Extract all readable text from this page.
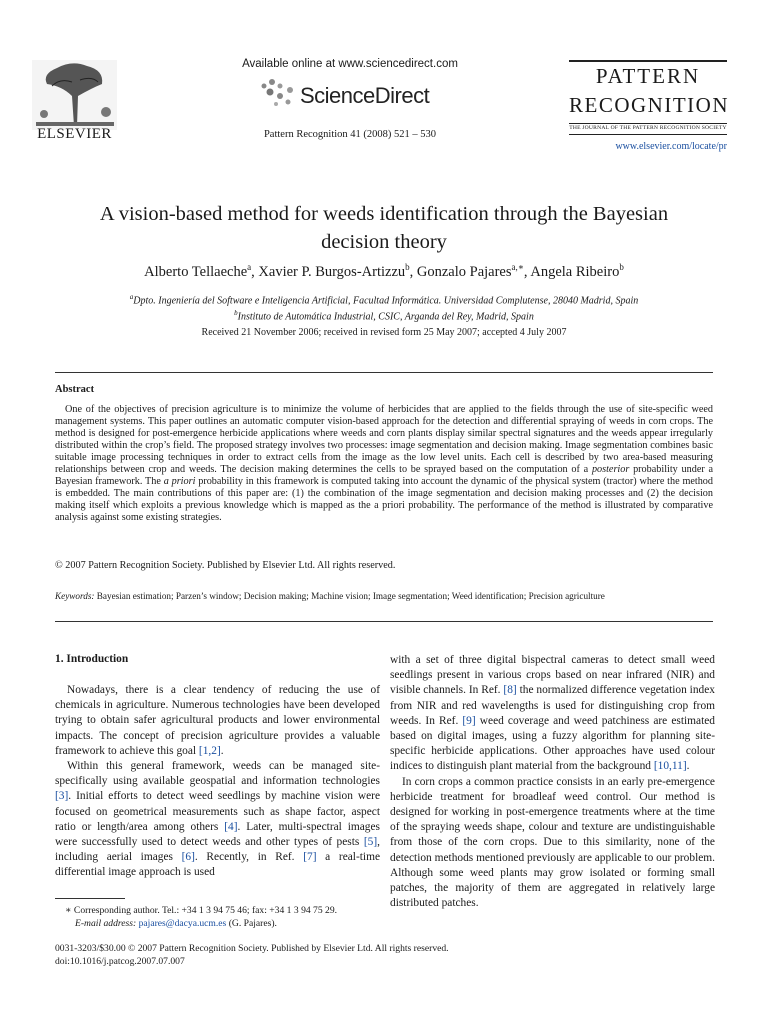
ELSEVIER
Available online at www.sciencedirect.com
ScienceDirect
Pattern Recognition 41 (2008) 521 – 530
PATTERN
RECOGNITION
THE JOURNAL OF THE PATTERN RECOGNITION SOCIETY
www.elsevier.com/locate/pr
A vision-based method for weeds identification through the Bayesian
decision theory
Alberto Tellaeche$^a$, Xavier P. Burgos-Artizzu$^b$, Gonzalo Pajares$^{a,∗}$, Angela Ribeiro$^b$
$^a$Dpto. Ingeniería del Software e Inteligencia Artificial, Facultad Informática. Universidad Complutense, 28040 Madrid, Spain
$^b$Instituto de Automática Industrial, CSIC, Arganda del Rey, Madrid, Spain
Received 21 November 2006; received in revised form 25 May 2007; accepted 4 July 2007
Abstract

One of the objectives of precision agriculture is to minimize the volume of herbicides that are applied to the fields through the use of site-specific weed management systems. This paper outlines an automatic computer vision-based approach for the detection and differential spraying of weeds in corn crops. The method is designed for post-emergence herbicide applications where weeds and corn plants display similar spectral signatures and the weeds appear irregularly distributed within the crop’s field. The proposed strategy involves two processes: image segmentation and decision making. Image segmentation combines basic suitable image processing techniques in order to extract cells from the image as the low level units. Each cell is described by two area-based measuring relationships between crop and weeds. The decision making determines the cells to be sprayed based on the computation of a posterior probability under a Bayesian framework. The a priori probability in this framework is computed taking into account the dynamic of the physical system (tractor) where the method is embedded. The main contributions of this paper are: (1) the combination of the image segmentation and decision making processes and (2) the decision making itself which exploits a previous knowledge which is mapped as the a priori probability. The performance of the method is illustrated by comparative analysis against some existing strategies.

© 2007 Pattern Recognition Society. Published by Elsevier Ltd. All rights reserved.
Keywords: Bayesian estimation; Parzen’s window; Decision making; Machine vision; Image segmentation; Weed identification; Precision agriculture
1. Introduction

Nowadays, there is a clear tendency of reducing the use of chemicals in agriculture. Numerous technologies have been developed trying to obtain safer agricultural products and lower environmental impacts. The concept of precision agriculture provides a valuable framework to achieve this goal [1,2].

Within this general framework, weeds can be managed site-specifically using available geospatial and information technologies [3]. Initial efforts to detect weed seedlings by machine vision were focused on geometrical measurements such as shape factor, aspect ratio or length/area among others [4]. Later, multi-spectral images were successfully used to detect weeds and other types of pests [5], including aerial images [6]. Recently, in Ref. [7] a real-time differential image approach is used

with a set of three digital bispectral cameras to detect small weed seedlings present in various crops based on near infrared (NIR) and visible channels. In Ref. [8] the normalized difference vegetation index from NIR and red wavelengths is used for distinguishing crop from weeds. In Ref. [9] weed coverage and weed patchiness are estimated based on digital images, using a fuzzy algorithm for planning site-specific herbicide applications. Other approaches have used colour indices to distinguish plant material from the background [10,11].

In corn crops a common practice consists in an early pre-emergence herbicide treatment for broadleaf weed control. Our method is designed for working in post-emergence treatments where at the time of the spraying weeds shape, colour and texture are undistinguishable from those of the corn crops. Due to this similarity, none of the detection methods mentioned previously are applicable to our problem. Although some weed plants may grow isolated or forming small patches, the majority of them are aggregated in relatively large distributed patches.

∗ Corresponding author. Tel.: +34 1 3 94 75 46; fax: +34 1 3 94 75 29.
E-mail address: pajares@dacya.ucm.es (G. Pajares).
0031-3203/$30.00 © 2007 Pattern Recognition Society. Published by Elsevier Ltd. All rights reserved.
doi:10.1016/j.patcog.2007.07.007
